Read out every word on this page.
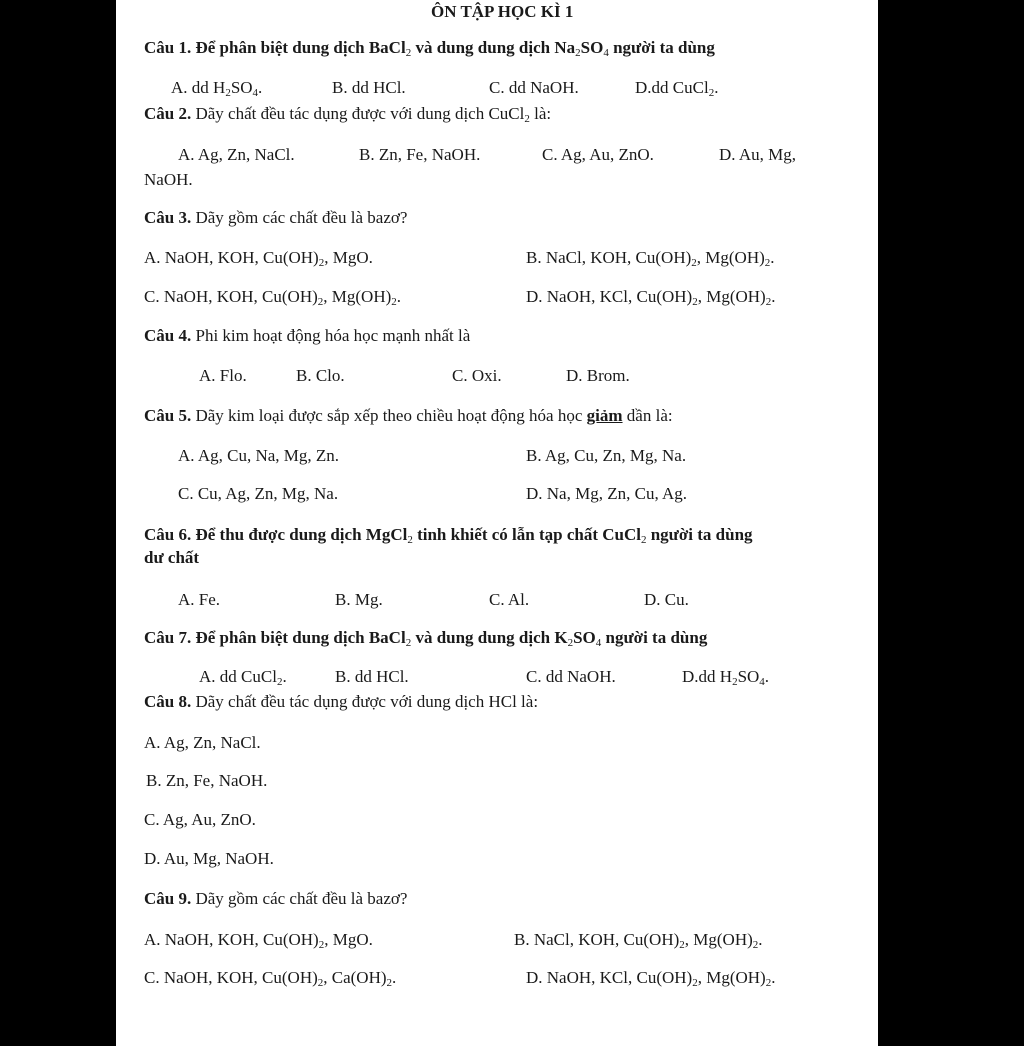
ÔN TẬP HỌC KÌ 1
Câu 1. Để phân biệt dung dịch BaCl$_2$ và dung dung dịch $Na_2SO_4$ người ta dùng
A. dd $H_2SO_4$.	B. dd HCl.	C. dd NaOH.	D.dd CuCl$_2$.
Câu 2. Dãy chất đều tác dụng được với dung dịch CuCl$_2$ là:
A. Ag, Zn, NaCl.	B. Zn, Fe, NaOH.	C. Ag, Au, ZnO.	D. Au, Mg,
NaOH.
Câu 3. Dãy gồm các chất đều là bazơ?
A. NaOH, KOH, $Cu(OH)_2$, MgO.	B. NaCl, KOH, $Cu(OH)_2$, $Mg(OH)_2$.
C. NaOH, KOH, $Cu(OH)_2$, $Mg(OH)_2$.	D. NaOH, KCl, $Cu(OH)_2$, $Mg(OH)_2$.
Câu 4. Phi kim hoạt động hóa học mạnh nhất là
A. Flo.	B. Clo.	C. Oxi.	D. Brom.
Câu 5. Dãy kim loại được sắp xếp theo chiều hoạt động hóa học giảm dần là:
A. Ag, Cu, Na, Mg, Zn.	B. Ag, Cu, Zn, Mg, Na.
C. Cu, Ag, Zn, Mg, Na.	D. Na, Mg, Zn, Cu, Ag.
Câu 6. Để thu được dung dịch MgCl$_2$ tinh khiết có lẫn tạp chất CuCl$_2$ người ta dùng
dư chất
A. Fe.	B. Mg.	C. Al.	D. Cu.
Câu 7. Để phân biệt dung dịch BaCl$_2$ và dung dung dịch $K_2SO_4$ người ta dùng
A. dd CuCl$_2$.	B. dd HCl.	C. dd NaOH.	D.dd $H_2SO_4$.
Câu 8. Dãy chất đều tác dụng được với dung dịch HCl là:
A. Ag, Zn, NaCl.
B. Zn, Fe, NaOH.
C. Ag, Au, ZnO.
D. Au, Mg, NaOH.
Câu 9. Dãy gồm các chất đều là bazơ?
A. NaOH, KOH, $Cu(OH)_2$, MgO.	B. NaCl, KOH, $Cu(OH)_2$, $Mg(OH)_2$.
C. NaOH, KOH, $Cu(OH)_2$, $Ca(OH)_2$.	D. NaOH, KCl, $Cu(OH)_2$, $Mg(OH)_2$.
